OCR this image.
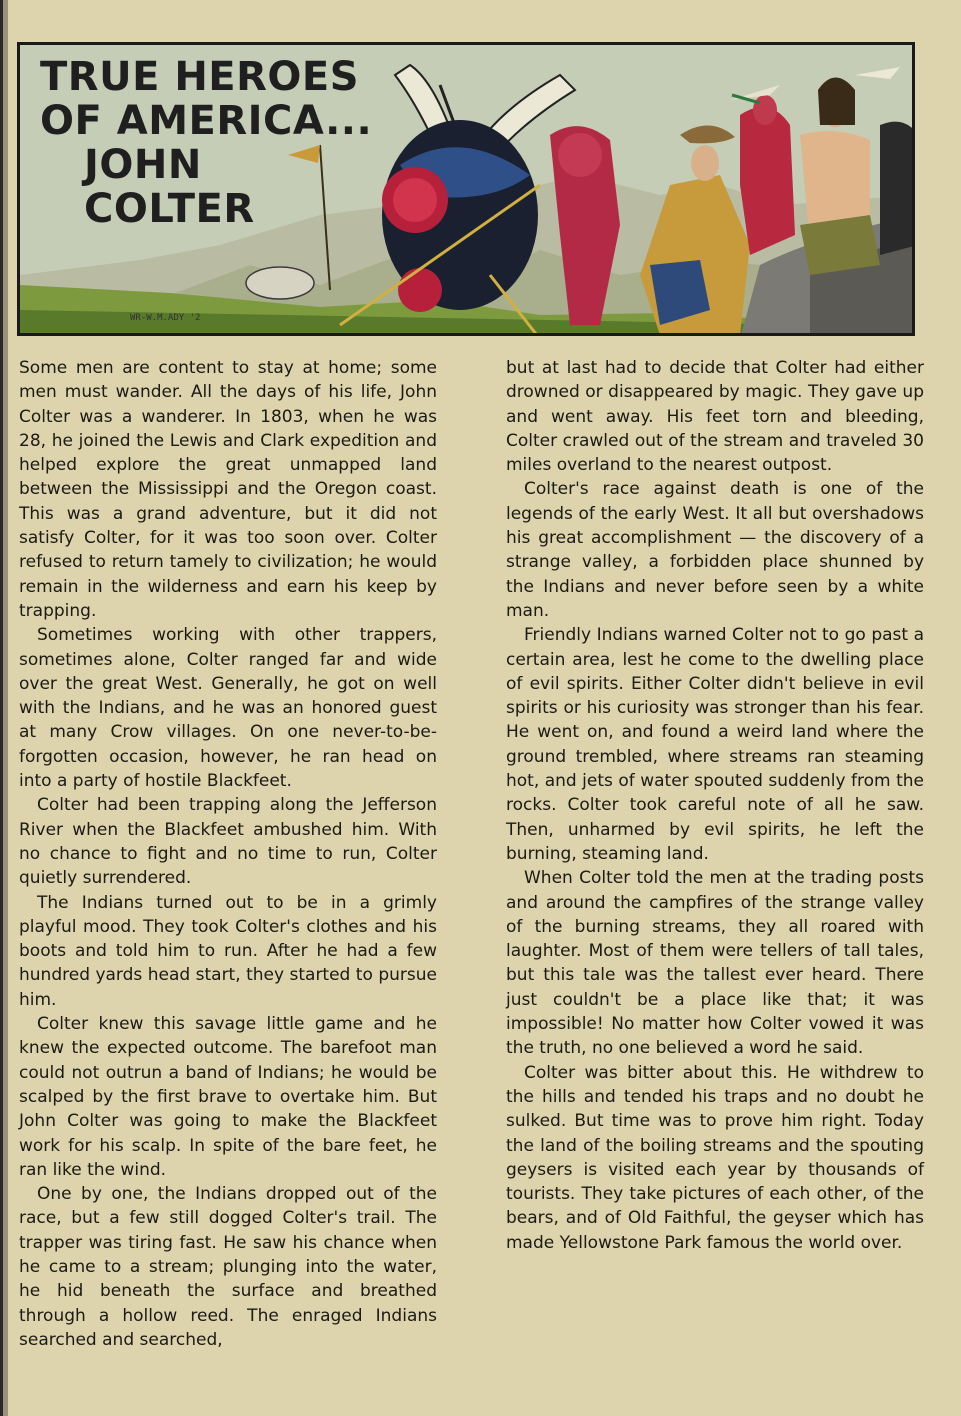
TRUE HEROES
OF AMERICA...
JOHN
COLTER
WR-W.M.ADY '2

Some men are content to stay at home; some men must wander. All the days of his life, John Colter was a wanderer. In 1803, when he was 28, he joined the Lewis and Clark expedition and helped explore the great unmapped land between the Mississippi and the Oregon coast. This was a grand adventure, but it did not satisfy Colter, for it was too soon over. Colter refused to return tamely to civilization; he would remain in the wilderness and earn his keep by trapping.

Sometimes working with other trappers, sometimes alone, Colter ranged far and wide over the great West. Generally, he got on well with the Indians, and he was an honored guest at many Crow villages. On one never-to-be-forgotten occasion, however, he ran head on into a party of hostile Blackfeet.

Colter had been trapping along the Jefferson River when the Blackfeet ambushed him. With no chance to fight and no time to run, Colter quietly surrendered.

The Indians turned out to be in a grimly playful mood. They took Colter's clothes and his boots and told him to run. After he had a few hundred yards head start, they started to pursue him.

Colter knew this savage little game and he knew the expected outcome. The barefoot man could not outrun a band of Indians; he would be scalped by the first brave to overtake him. But John Colter was going to make the Blackfeet work for his scalp. In spite of the bare feet, he ran like the wind.

One by one, the Indians dropped out of the race, but a few still dogged Colter's trail. The trapper was tiring fast. He saw his chance when he came to a stream; plunging into the water, he hid beneath the surface and breathed through a hollow reed. The enraged Indians searched and searched,

but at last had to decide that Colter had either drowned or disappeared by magic. They gave up and went away. His feet torn and bleeding, Colter crawled out of the stream and traveled 30 miles overland to the nearest outpost.

Colter's race against death is one of the legends of the early West. It all but overshadows his great accomplishment — the discovery of a strange valley, a forbidden place shunned by the Indians and never before seen by a white man.

Friendly Indians warned Colter not to go past a certain area, lest he come to the dwelling place of evil spirits. Either Colter didn't believe in evil spirits or his curiosity was stronger than his fear. He went on, and found a weird land where the ground trembled, where streams ran steaming hot, and jets of water spouted suddenly from the rocks. Colter took careful note of all he saw. Then, unharmed by evil spirits, he left the burning, steaming land.

When Colter told the men at the trading posts and around the campfires of the strange valley of the burning streams, they all roared with laughter. Most of them were tellers of tall tales, but this tale was the tallest ever heard. There just couldn't be a place like that; it was impossible! No matter how Colter vowed it was the truth, no one believed a word he said.

Colter was bitter about this. He withdrew to the hills and tended his traps and no doubt he sulked. But time was to prove him right. Today the land of the boiling streams and the spouting geysers is visited each year by thousands of tourists. They take pictures of each other, of the bears, and of Old Faithful, the geyser which has made Yellowstone Park famous the world over.
